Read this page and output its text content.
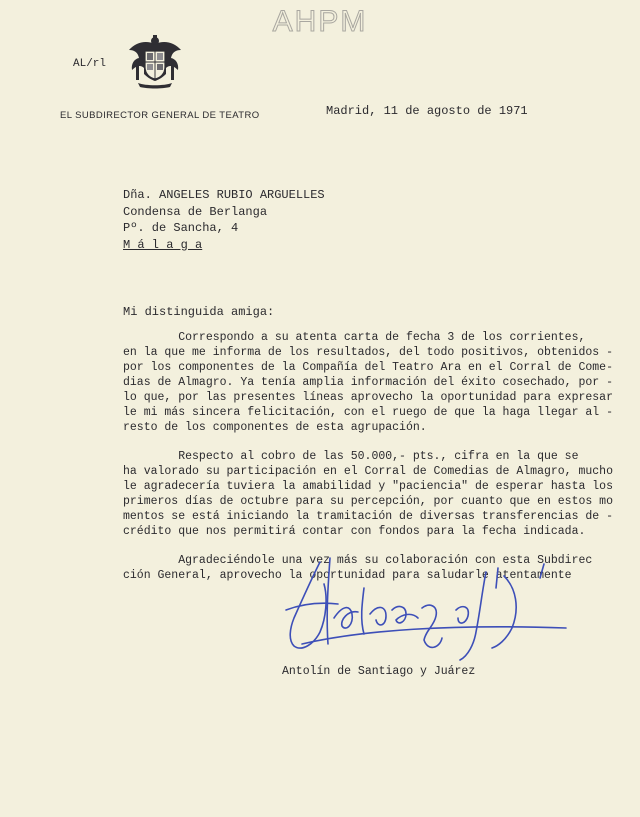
AHPM
AL/rl
EL SUBDIRECTOR GENERAL DE TEATRO	Madrid, 11 de agosto de 1971
Dña. ANGELES RUBIO ARGUELLES
Condensa de Berlanga
Pº. de Sancha, 4
M á l a g a
Mi distinguida amiga:
Correspondo a su atenta carta de fecha 3 de los corrientes,
en la que me informa de los resultados, del todo positivos, obtenidos -
por los componentes de la Compañía del Teatro Ara en el Corral de Come-
dias de Almagro. Ya tenía amplia información del éxito cosechado, por -
lo que, por las presentes líneas aprovecho la oportunidad para expresar
le mi más sincera felicitación, con el ruego de que la haga llegar al -
resto de los componentes de esta agrupación.
Respecto al cobro de las 50.000,- pts., cifra en la que se
ha valorado su participación en el Corral de Comedias de Almagro, mucho
le agradecería tuviera la amabilidad y "paciencia" de esperar hasta los
primeros días de octubre para su percepción, por cuanto que en estos mo
mentos se está iniciando la tramitación de diversas transferencias de -
crédito que nos permitirá contar con fondos para la fecha indicada.
Agradeciéndole una vez más su colaboración con esta Subdirec
ción General, aprovecho la oportunidad para saludarle atentamente
Antolín de Santiago y Juárez
